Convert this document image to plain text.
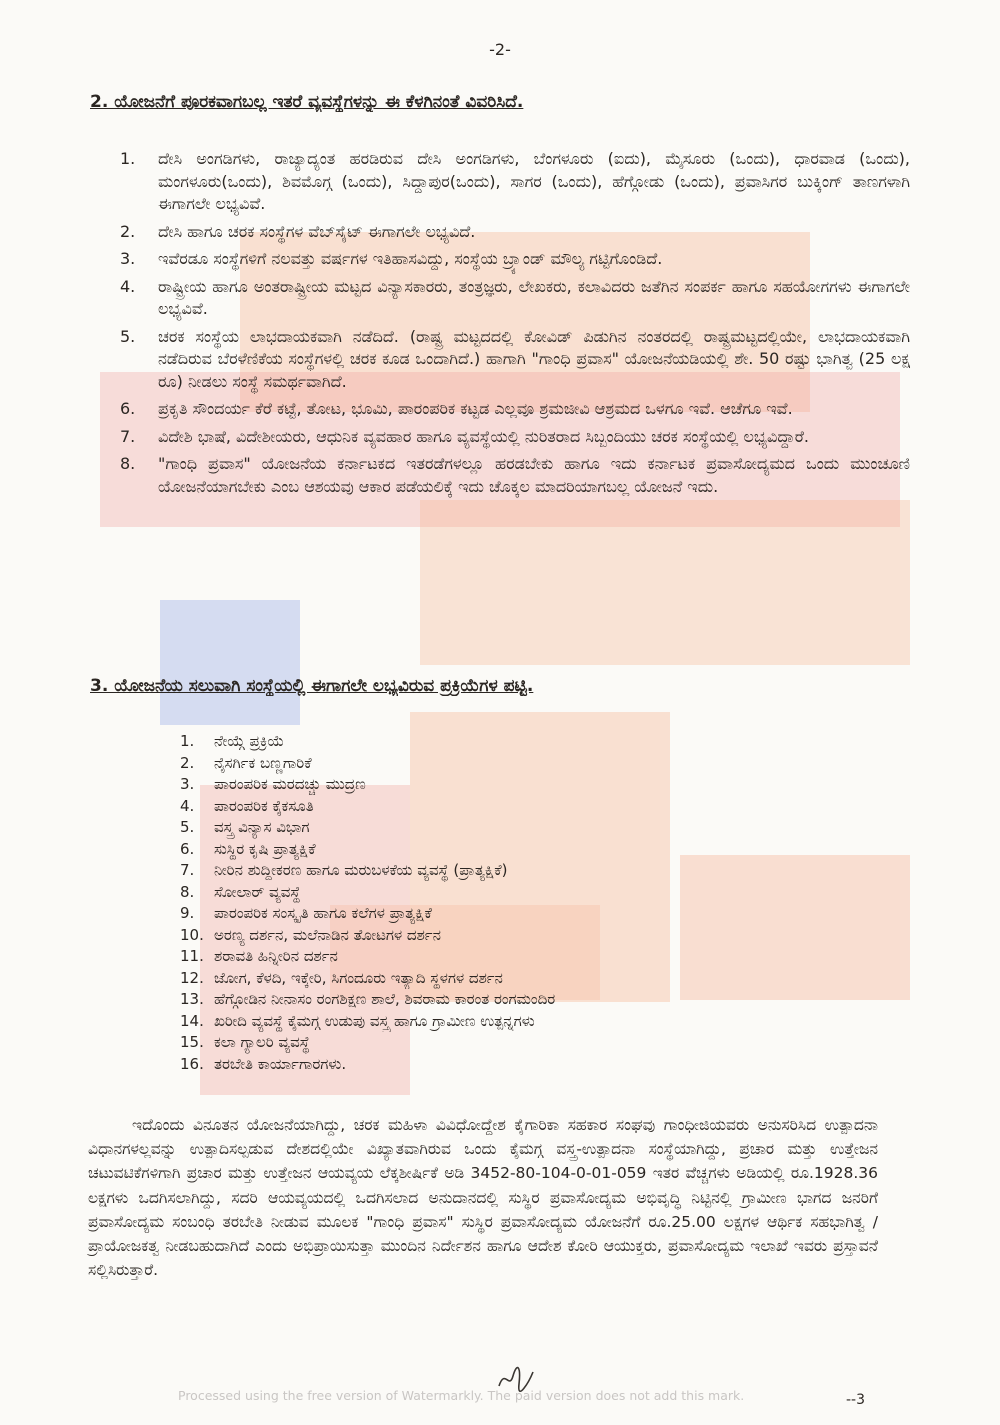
-2-
2. ಯೋಜನೆಗೆ ಪೂರಕವಾಗಬಲ್ಲ ಇತರೆ ವ್ಯವಸ್ಥೆಗಳನ್ನು ಈ ಕೆಳಗಿನಂತೆ ವಿವರಿಸಿದೆ.
1. ದೇಸಿ ಅಂಗಡಿಗಳು, ರಾಜ್ಯಾದ್ಯಂತ ಹರಡಿರುವ ದೇಸಿ ಅಂಗಡಿಗಳು, ಬೆಂಗಳೂರು (ಐದು), ಮೈಸೂರು (ಒಂದು), ಧಾರವಾಡ (ಒಂದು), ಮಂಗಳೂರು(ಒಂದು), ಶಿವಮೊಗ್ಗ (ಒಂದು), ಸಿದ್ದಾಪುರ(ಒಂದು), ಸಾಗರ (ಒಂದು), ಹೆಗ್ಗೋಡು (ಒಂದು), ಪ್ರವಾಸಿಗರ ಬುಕ್ಕಿಂಗ್ ತಾಣಗಳಾಗಿ ಈಗಾಗಲೇ ಲಭ್ಯವಿವೆ.
2. ದೇಸಿ ಹಾಗೂ ಚರಕ ಸಂಸ್ಥೆಗಳ ವೆಬ್‌ಸೈಟ್ ಈಗಾಗಲೇ ಲಭ್ಯವಿದೆ.
3. ಇವೆರಡೂ ಸಂಸ್ಥೆಗಳಿಗೆ ನಲವತ್ತು ವರ್ಷಗಳ ಇತಿಹಾಸವಿದ್ದು, ಸಂಸ್ಥೆಯ ಬ್ರ್ಯಾಂಡ್ ಮೌಲ್ಯ ಗಟ್ಟಿಗೊಂಡಿದೆ.
4. ರಾಷ್ಟ್ರೀಯ ಹಾಗೂ ಅಂತರಾಷ್ಟ್ರೀಯ ಮಟ್ಟದ ವಿನ್ಯಾಸಕಾರರು, ತಂತ್ರಜ್ಞರು, ಲೇಖಕರು, ಕಲಾವಿದರು ಜತೆಗಿನ ಸಂಪರ್ಕ ಹಾಗೂ ಸಹಯೋಗಗಳು ಈಗಾಗಲೇ ಲಭ್ಯವಿವೆ.
5. ಚರಕ ಸಂಸ್ಥೆಯ ಲಾಭದಾಯಕವಾಗಿ ನಡೆದಿದೆ. (ರಾಷ್ಟ್ರ ಮಟ್ಟದದಲ್ಲಿ ಕೋವಿಡ್ ಪಿಡುಗಿನ ನಂತರದಲ್ಲಿ ರಾಷ್ಟ್ರಮಟ್ಟದಲ್ಲಿಯೇ, ಲಾಭದಾಯಕವಾಗಿ ನಡೆದಿರುವ ಬೆರಳೆಣಿಕೆಯ ಸಂಸ್ಥೆಗಳಲ್ಲಿ ಚರಕ ಕೂಡ ಒಂದಾಗಿದೆ.) ಹಾಗಾಗಿ "ಗಾಂಧಿ ಪ್ರವಾಸ" ಯೋಜನೆಯಡಿಯಲ್ಲಿ ಶೇ. 50 ರಷ್ಟು ಭಾಗಿತ್ವ (25 ಲಕ್ಷ ರೂ) ನೀಡಲು ಸಂಸ್ಥೆ ಸಮರ್ಥವಾಗಿದೆ.
6. ಪ್ರಕೃತಿ ಸೌಂದರ್ಯ ಕೆರೆ ಕಟ್ಟೆ, ತೋಟ, ಭೂಮಿ, ಪಾರಂಪರಿಕ ಕಟ್ಟಡ ಎಲ್ಲವೂ ಶ್ರಮಜೀವಿ ಆಶ್ರಮದ ಒಳಗೂ ಇವೆ. ಆಚೆಗೂ ಇವೆ.
7. ವಿದೇಶಿ ಭಾಷೆ, ವಿದೇಶೀಯರು, ಆಧುನಿಕ ವ್ಯವಹಾರ ಹಾಗೂ ವ್ಯವಸ್ಥೆಯಲ್ಲಿ ನುರಿತರಾದ ಸಿಬ್ಬಂದಿಯು ಚರಕ ಸಂಸ್ಥೆಯಲ್ಲಿ ಲಭ್ಯವಿದ್ದಾರೆ.
8. "ಗಾಂಧಿ ಪ್ರವಾಸ" ಯೋಜನೆಯ ಕರ್ನಾಟಕದ ಇತರಡೆಗಳಲ್ಲೂ ಹರಡಬೇಕು ಹಾಗೂ ಇದು ಕರ್ನಾಟಕ ಪ್ರವಾಸೋದ್ಯಮದ ಒಂದು ಮುಂಚೂಣಿ ಯೋಜನೆಯಾಗಬೇಕು ಎಂಬ ಆಶಯವು ಆಕಾರ ಪಡೆಯಲಿಕ್ಕೆ ಇದು ಚೊಕ್ಕಲ ಮಾದರಿಯಾಗಬಲ್ಲ ಯೋಜನೆ ಇದು.
3. ಯೋಜನೆಯ ಸಲುವಾಗಿ ಸಂಸ್ಥೆಯಲ್ಲಿ ಈಗಾಗಲೇ ಲಭ್ಯವಿರುವ ಪ್ರಕ್ರಿಯೆಗಳ ಪಟ್ಟಿ.
1. ನೇಯ್ಗೆ ಪ್ರಕ್ರಿಯೆ
2. ನೈಸರ್ಗಿಕ ಬಣ್ಣಗಾರಿಕೆ
3. ಪಾರಂಪರಿಕ ಮರದಚ್ಚು ಮುದ್ರಣ
4. ಪಾರಂಪರಿಕ ಕೈಕಸೂತಿ
5. ವಸ್ತ್ರ ವಿನ್ಯಾಸ ವಿಭಾಗ
6. ಸುಸ್ಥಿರ ಕೃಷಿ ಪ್ರಾತ್ಯಕ್ಷಿಕೆ
7. ನೀರಿನ ಶುದ್ದೀಕರಣ ಹಾಗೂ ಮರುಬಳಕೆಯ ವ್ಯವಸ್ಥೆ (ಪ್ರಾತ್ಯಕ್ಷಿಕೆ)
8. ಸೋಲಾರ್ ವ್ಯವಸ್ಥೆ
9. ಪಾರಂಪರಿಕ ಸಂಸ್ಕೃತಿ ಹಾಗೂ ಕಲೆಗಳ ಪ್ರಾತ್ಯಕ್ಷಿಕೆ
10. ಅರಣ್ಯ ದರ್ಶನ, ಮಲೆನಾಡಿನ ತೋಟಗಳ ದರ್ಶನ
11. ಶರಾವತಿ ಹಿನ್ನೀರಿನ ದರ್ಶನ
12. ಜೋಗ, ಕೆಳದಿ, ಇಕ್ಕೇರಿ, ಸಿಗಂದೂರು ಇತ್ಯಾದಿ ಸ್ಥಳಗಳ ದರ್ಶನ
13. ಹೆಗ್ಗೋಡಿನ ನೀನಾಸಂ ರಂಗಶಿಕ್ಷಣ ಶಾಲೆ, ಶಿವರಾಮ ಕಾರಂತ ರಂಗಮಂದಿರ
14. ಖರೀದಿ ವ್ಯವಸ್ಥೆ ಕೈಮಗ್ಗ ಉಡುಪು ವಸ್ತ್ರ ಹಾಗೂ ಗ್ರಾಮೀಣ ಉತ್ಪನ್ನಗಳು
15. ಕಲಾ ಗ್ಯಾಲರಿ ವ್ಯವಸ್ಥೆ
16. ತರಬೇತಿ ಕಾರ್ಯಾಗಾರಗಳು.
ಇದೊಂದು ವಿನೂತನ ಯೋಜನೆಯಾಗಿದ್ದು, ಚರಕ ಮಹಿಳಾ ವಿವಿಧೋದ್ದೇಶ ಕೈಗಾರಿಕಾ ಸಹಕಾರ ಸಂಘವು ಗಾಂಧೀಜಿಯವರು ಅನುಸರಿಸಿದ ಉತ್ಪಾದನಾ ವಿಧಾನಗಳಲ್ಲವನ್ನು ಉತ್ಪಾದಿಸಲ್ಪಡುವ ದೇಶದಲ್ಲಿಯೇ ವಿಖ್ಯಾತವಾಗಿರುವ ಒಂದು ಕೈಮಗ್ಗ ವಸ್ತ್ರ-ಉತ್ಪಾದನಾ ಸಂಸ್ಥೆಯಾಗಿದ್ದು, ಪ್ರಚಾರ ಮತ್ತು ಉತ್ತೇಜನ ಚಟುವಟಿಕೆಗಳಿಗಾಗಿ ಪ್ರಚಾರ ಮತ್ತು ಉತ್ತೇಜನ ಆಯವ್ಯಯ ಲೆಕ್ಕಶೀರ್ಷಿಕೆ ಅಡಿ 3452-80-104-0-01-059 ಇತರ ವೆಚ್ಚಗಳು ಅಡಿಯಲ್ಲಿ ರೂ.1928.36 ಲಕ್ಷಗಳು ಒದಗಿಸಲಾಗಿದ್ದು, ಸದರಿ ಆಯವ್ಯಯದಲ್ಲಿ ಒದಗಿಸಲಾದ ಅನುದಾನದಲ್ಲಿ ಸುಸ್ಥಿರ ಪ್ರವಾಸೋದ್ಯಮ ಅಭಿವೃದ್ಧಿ ನಿಟ್ಟಿನಲ್ಲಿ ಗ್ರಾಮೀಣ ಭಾಗದ ಜನರಿಗೆ ಪ್ರವಾಸೋದ್ಯಮ ಸಂಬಂಧಿ ತರಬೇತಿ ನೀಡುವ ಮೂಲಕ "ಗಾಂಧಿ ಪ್ರವಾಸ" ಸುಸ್ಥಿರ ಪ್ರವಾಸೋದ್ಯಮ ಯೋಜನೆಗೆ ರೂ.25.00 ಲಕ್ಷಗಳ ಆರ್ಥಿಕ ಸಹಭಾಗಿತ್ವ /ಪ್ರಾಯೋಜಕತ್ವ ನೀಡಬಹುದಾಗಿದೆ ಎಂದು ಅಭಿಪ್ರಾಯಿಸುತ್ತಾ ಮುಂದಿನ ನಿರ್ದೇಶನ ಹಾಗೂ ಆದೇಶ ಕೋರಿ ಆಯುಕ್ತರು, ಪ್ರವಾಸೋದ್ಯಮ ಇಲಾಖೆ ಇವರು ಪ್ರಸ್ತಾವನೆ ಸಲ್ಲಿಸಿರುತ್ತಾರೆ.
Processed using the free version of Watermarkly. The paid version does not add this mark.	--3
